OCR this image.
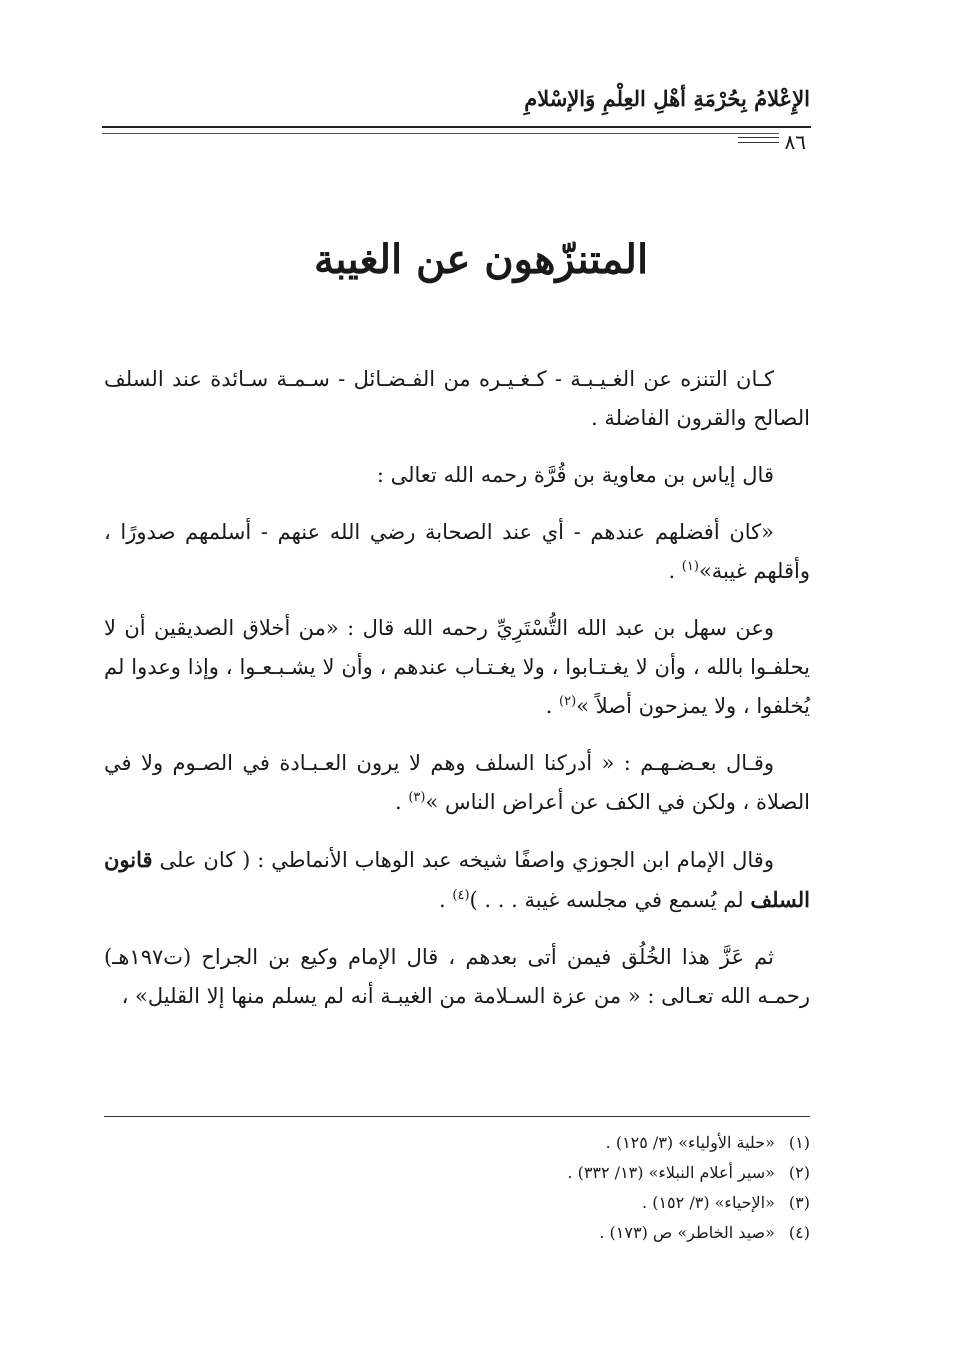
الإِعْلامُ بِحُرْمَةِ أهْلِ العِلْمِ وَالإسْلامِ
٨٦
المتنزّهون عن الغيبة

كـان التنزه عن الغـيـبـة - كـغـيـره من الفـضـائل - سـمـة سـائدة عند السلف الصالح والقرون الفاضلة .

قال إياس بن معاوية بن قُرَّة رحمه الله تعالى :

«كان أفضلهم عندهم - أي عند الصحابة رضي الله عنهم - أسلمهم صدورًا ، وأقلهم غيبة»$^{(١)}$ .

وعن سهل بن عبد الله التُّسْتَرِيِّ رحمه الله قال : «من أخلاق الصديقين أن لا يحلفـوا بالله ، وأن لا يغـتـابوا ، ولا يغـتـاب عندهم ، وأن لا يشـبـعـوا ، وإذا وعدوا لم يُخلفوا ، ولا يمزحون أصلاً »$^{(٢)}$ .

وقـال بعـضـهـم : « أدركنا السلف وهم لا يرون العـبـادة في الصـوم ولا في الصلاة ، ولكن في الكف عن أعراض الناس »$^{(٣)}$ .

وقال الإمام ابن الجوزي واصفًا شيخه عبد الوهاب الأنماطي : ( كان على قانون السلف لم يُسمع في مجلسه غيبة . . . )$^{(٤)}$ .

ثم عَزَّ هذا الخُلُق فيمن أتى بعدهم ، قال الإمام وكيع بن الجراح (ت١٩٧هـ) رحمـه الله تعـالى : « من عزة السـلامة من الغيبـة أنه لم يسلم منها إلا القليل» ،

(١) «حلية الأولياء» (٣/ ١٢٥) .

(٢) «سير أعلام النبلاء» (١٣/ ٣٣٢) .

(٣) «الإحياء» (٣/ ١٥٢) .

(٤) «صيد الخاطر» ص (١٧٣) .
